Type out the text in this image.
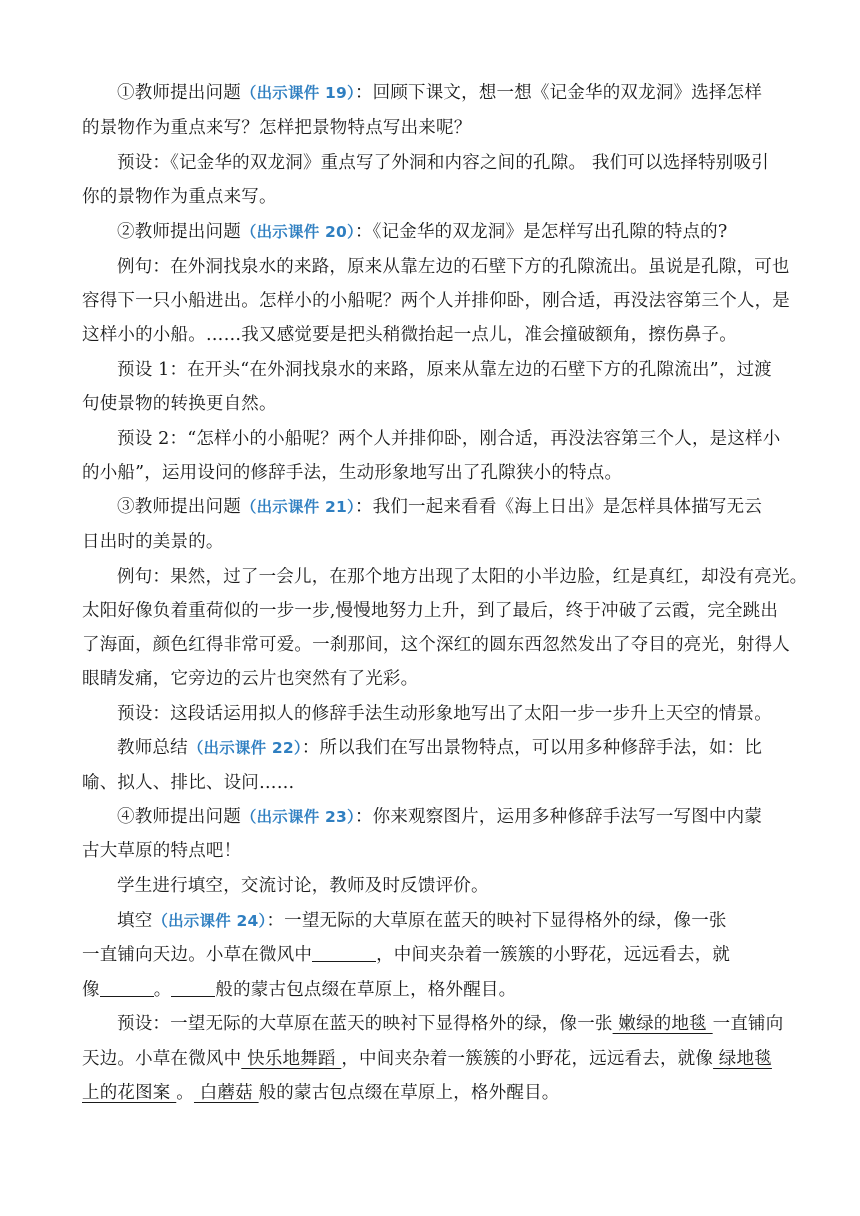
①教师提出问题（出示课件 19）：回顾下课文，想一想《记金华的双龙洞》选择怎样
的景物作为重点来写？怎样把景物特点写出来呢？
预设：《记金华的双龙洞》重点写了外洞和内容之间的孔隙。 我们可以选择特别吸引
你的景物作为重点来写。
②教师提出问题（出示课件 20）：《记金华的双龙洞》是怎样写出孔隙的特点的?
例句：在外洞找泉水的来路，原来从靠左边的石壁下方的孔隙流出。虽说是孔隙，可也
容得下一只小船进出。怎样小的小船呢？两个人并排仰卧，刚合适，再没法容第三个人，是
这样小的小船。……我又感觉要是把头稍微抬起一点儿，准会撞破额角，擦伤鼻子。
预设 1：在开头“在外洞找泉水的来路，原来从靠左边的石壁下方的孔隙流出”，过渡
句使景物的转换更自然。
预设 2：“怎样小的小船呢？两个人并排仰卧，刚合适，再没法容第三个人，是这样小
的小船”，运用设问的修辞手法，生动形象地写出了孔隙狭小的特点。
③教师提出问题（出示课件 21）：我们一起来看看《海上日出》是怎样具体描写无云
日出时的美景的。
例句：果然，过了一会儿，在那个地方出现了太阳的小半边脸，红是真红，却没有亮光。
太阳好像负着重荷似的一步一步,慢慢地努力上升，到了最后，终于冲破了云霞，完全跳出
了海面，颜色红得非常可爱。一刹那间，这个深红的圆东西忽然发出了夺目的亮光，射得人
眼睛发痛，它旁边的云片也突然有了光彩。
预设：这段话运用拟人的修辞手法生动形象地写出了太阳一步一步升上天空的情景。
教师总结（出示课件 22）：所以我们在写出景物特点，可以用多种修辞手法，如：比
喻、拟人、排比、设问……
④教师提出问题（出示课件 23）：你来观察图片，运用多种修辞手法写一写图中内蒙
古大草原的特点吧！
学生进行填空，交流讨论，教师及时反馈评价。
填空（出示课件 24）：一望无际的大草原在蓝天的映衬下显得格外的绿，像一张
一直铺向天边。小草在微风中	，中间夹杂着一簇簇的小野花，远远看去，就
像	。	般的蒙古包点缀在草原上，格外醒目。
预设：一望无际的大草原在蓝天的映衬下显得格外的绿，像一张 嫩绿的地毯 一直铺向
天边。小草在微风中 快乐地舞蹈 ，中间夹杂着一簇簇的小野花，远远看去，就像 绿地毯
上的花图案 。 白蘑菇 般的蒙古包点缀在草原上，格外醒目。
